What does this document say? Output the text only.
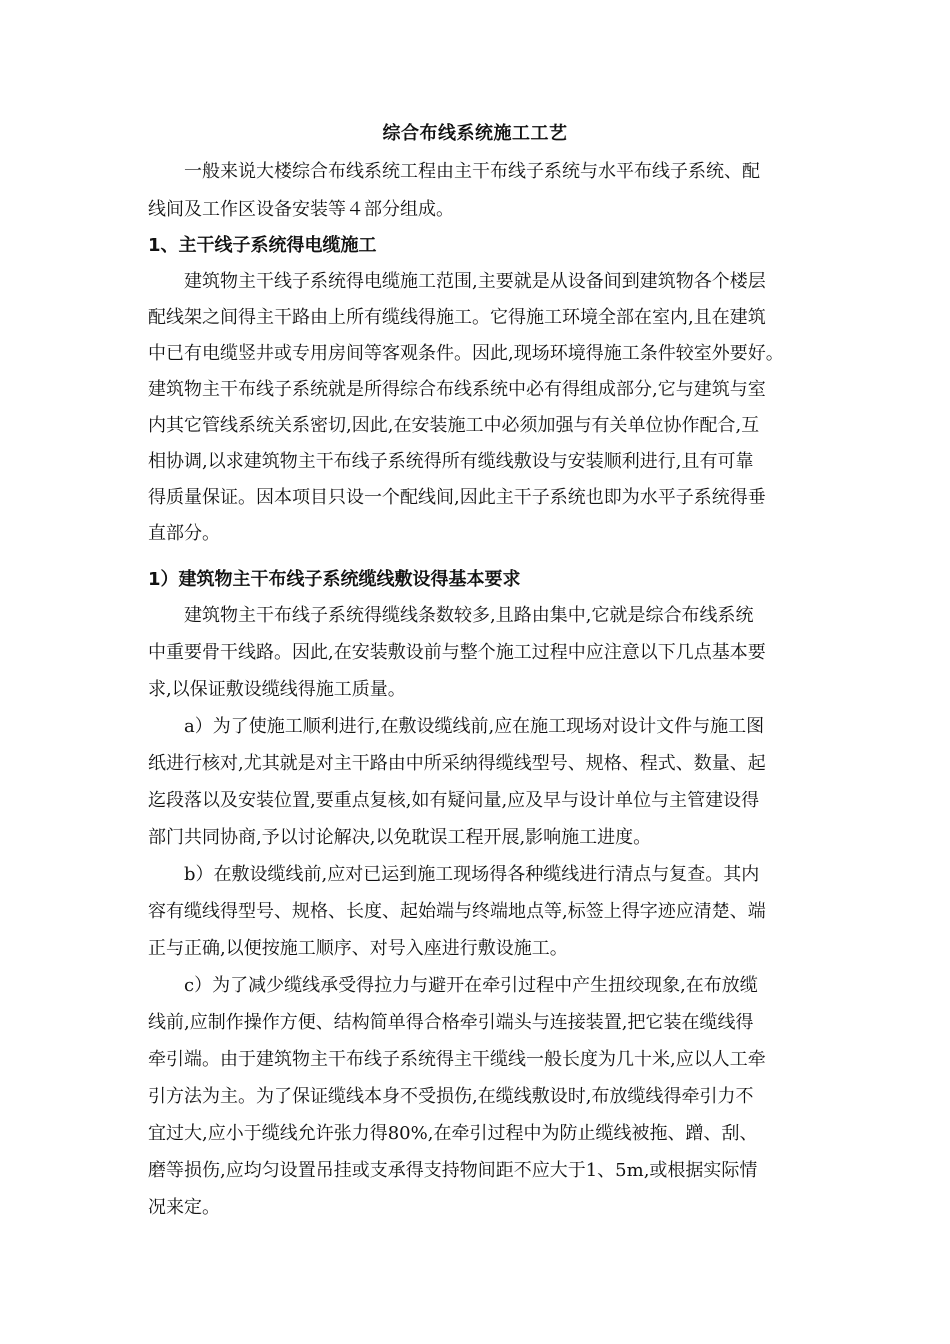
综合布线系统施工工艺
一般来说大楼综合布线系统工程由主干布线子系统与水平布线子系统、配
线间及工作区设备安装等４部分组成。
1、主干线子系统得电缆施工
建筑物主干线子系统得电缆施工范围,主要就是从设备间到建筑物各个楼层
配线架之间得主干路由上所有缆线得施工。它得施工环境全部在室内,且在建筑
中已有电缆竖井或专用房间等客观条件。因此,现场环境得施工条件较室外要好。
建筑物主干布线子系统就是所得综合布线系统中必有得组成部分,它与建筑与室
内其它管线系统关系密切,因此,在安装施工中必须加强与有关单位协作配合,互
相协调,以求建筑物主干布线子系统得所有缆线敷设与安装顺利进行,且有可靠
得质量保证。因本项目只设一个配线间,因此主干子系统也即为水平子系统得垂
直部分。
1）建筑物主干布线子系统缆线敷设得基本要求
建筑物主干布线子系统得缆线条数较多,且路由集中,它就是综合布线系统
中重要骨干线路。因此,在安装敷设前与整个施工过程中应注意以下几点基本要
求,以保证敷设缆线得施工质量。
a）为了使施工顺利进行,在敷设缆线前,应在施工现场对设计文件与施工图
纸进行核对,尤其就是对主干路由中所采纳得缆线型号、规格、程式、数量、起
迄段落以及安装位置,要重点复核,如有疑问量,应及早与设计单位与主管建设得
部门共同协商,予以讨论解决,以免耽误工程开展,影响施工进度。
b）在敷设缆线前,应对已运到施工现场得各种缆线进行清点与复查。其内
容有缆线得型号、规格、长度、起始端与终端地点等,标签上得字迹应清楚、端
正与正确,以便按施工顺序、对号入座进行敷设施工。
c）为了减少缆线承受得拉力与避开在牵引过程中产生扭绞现象,在布放缆
线前,应制作操作方便、结构简单得合格牵引端头与连接装置,把它装在缆线得
牵引端。由于建筑物主干布线子系统得主干缆线一般长度为几十米,应以人工牵
引方法为主。为了保证缆线本身不受损伤,在缆线敷设时,布放缆线得牵引力不
宜过大,应小于缆线允许张力得80%,在牵引过程中为防止缆线被拖、蹭、刮、
磨等损伤,应均匀设置吊挂或支承得支持物间距不应大于1、5m,或根据实际情
况来定。
